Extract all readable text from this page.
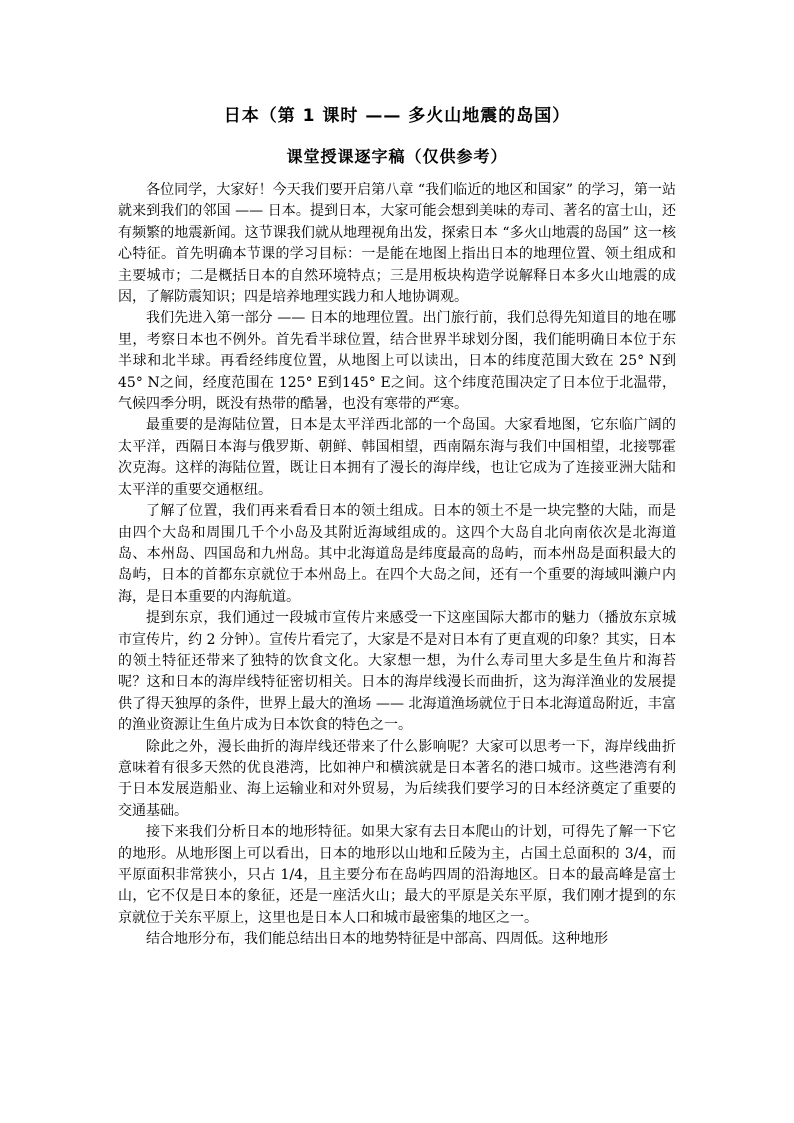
日本（第 1 课时 —— 多火山地震的岛国）
课堂授课逐字稿（仅供参考）

各位同学，大家好！今天我们要开启第八章 “我们临近的地区和国家” 的学习，第一站就来到我们的邻国 —— 日本。提到日本，大家可能会想到美味的寿司、著名的富士山，还有频繁的地震新闻。这节课我们就从地理视角出发，探索日本 “多火山地震的岛国” 这一核心特征。首先明确本节课的学习目标：一是能在地图上指出日本的地理位置、领土组成和主要城市；二是概括日本的自然环境特点；三是用板块构造学说解释日本多火山地震的成因，了解防震知识；四是培养地理实践力和人地协调观。

我们先进入第一部分 —— 日本的地理位置。出门旅行前，我们总得先知道目的地在哪里，考察日本也不例外。首先看半球位置，结合世界半球划分图，我们能明确日本位于东半球和北半球。再看经纬度位置，从地图上可以读出，日本的纬度范围大致在 25° N到 45° N之间，经度范围在 125° E到145° E之间。这个纬度范围决定了日本位于北温带，气候四季分明，既没有热带的酷暑，也没有寒带的严寒。

最重要的是海陆位置，日本是太平洋西北部的一个岛国。大家看地图，它东临广阔的太平洋，西隔日本海与俄罗斯、朝鲜、韩国相望，西南隔东海与我们中国相望，北接鄂霍次克海。这样的海陆位置，既让日本拥有了漫长的海岸线，也让它成为了连接亚洲大陆和太平洋的重要交通枢纽。

了解了位置，我们再来看看日本的领土组成。日本的领土不是一块完整的大陆，而是由四个大岛和周围几千个小岛及其附近海域组成的。这四个大岛自北向南依次是北海道岛、本州岛、四国岛和九州岛。其中北海道岛是纬度最高的岛屿，而本州岛是面积最大的岛屿，日本的首都东京就位于本州岛上。在四个大岛之间，还有一个重要的海域叫濑户内海，是日本重要的内海航道。

提到东京，我们通过一段城市宣传片来感受一下这座国际大都市的魅力（播放东京城市宣传片，约 2 分钟）。宣传片看完了，大家是不是对日本有了更直观的印象？其实，日本的领土特征还带来了独特的饮食文化。大家想一想，为什么寿司里大多是生鱼片和海苔呢？这和日本的海岸线特征密切相关。日本的海岸线漫长而曲折，这为海洋渔业的发展提供了得天独厚的条件，世界上最大的渔场 —— 北海道渔场就位于日本北海道岛附近，丰富的渔业资源让生鱼片成为日本饮食的特色之一。

除此之外，漫长曲折的海岸线还带来了什么影响呢？大家可以思考一下，海岸线曲折意味着有很多天然的优良港湾，比如神户和横滨就是日本著名的港口城市。这些港湾有利于日本发展造船业、海上运输业和对外贸易，为后续我们要学习的日本经济奠定了重要的交通基础。

接下来我们分析日本的地形特征。如果大家有去日本爬山的计划，可得先了解一下它的地形。从地形图上可以看出，日本的地形以山地和丘陵为主，占国土总面积的 3/4，而平原面积非常狭小，只占 1/4，且主要分布在岛屿四周的沿海地区。日本的最高峰是富士山，它不仅是日本的象征，还是一座活火山；最大的平原是关东平原，我们刚才提到的东京就位于关东平原上，这里也是日本人口和城市最密集的地区之一。

结合地形分布，我们能总结出日本的地势特征是中部高、四周低。这种地形
